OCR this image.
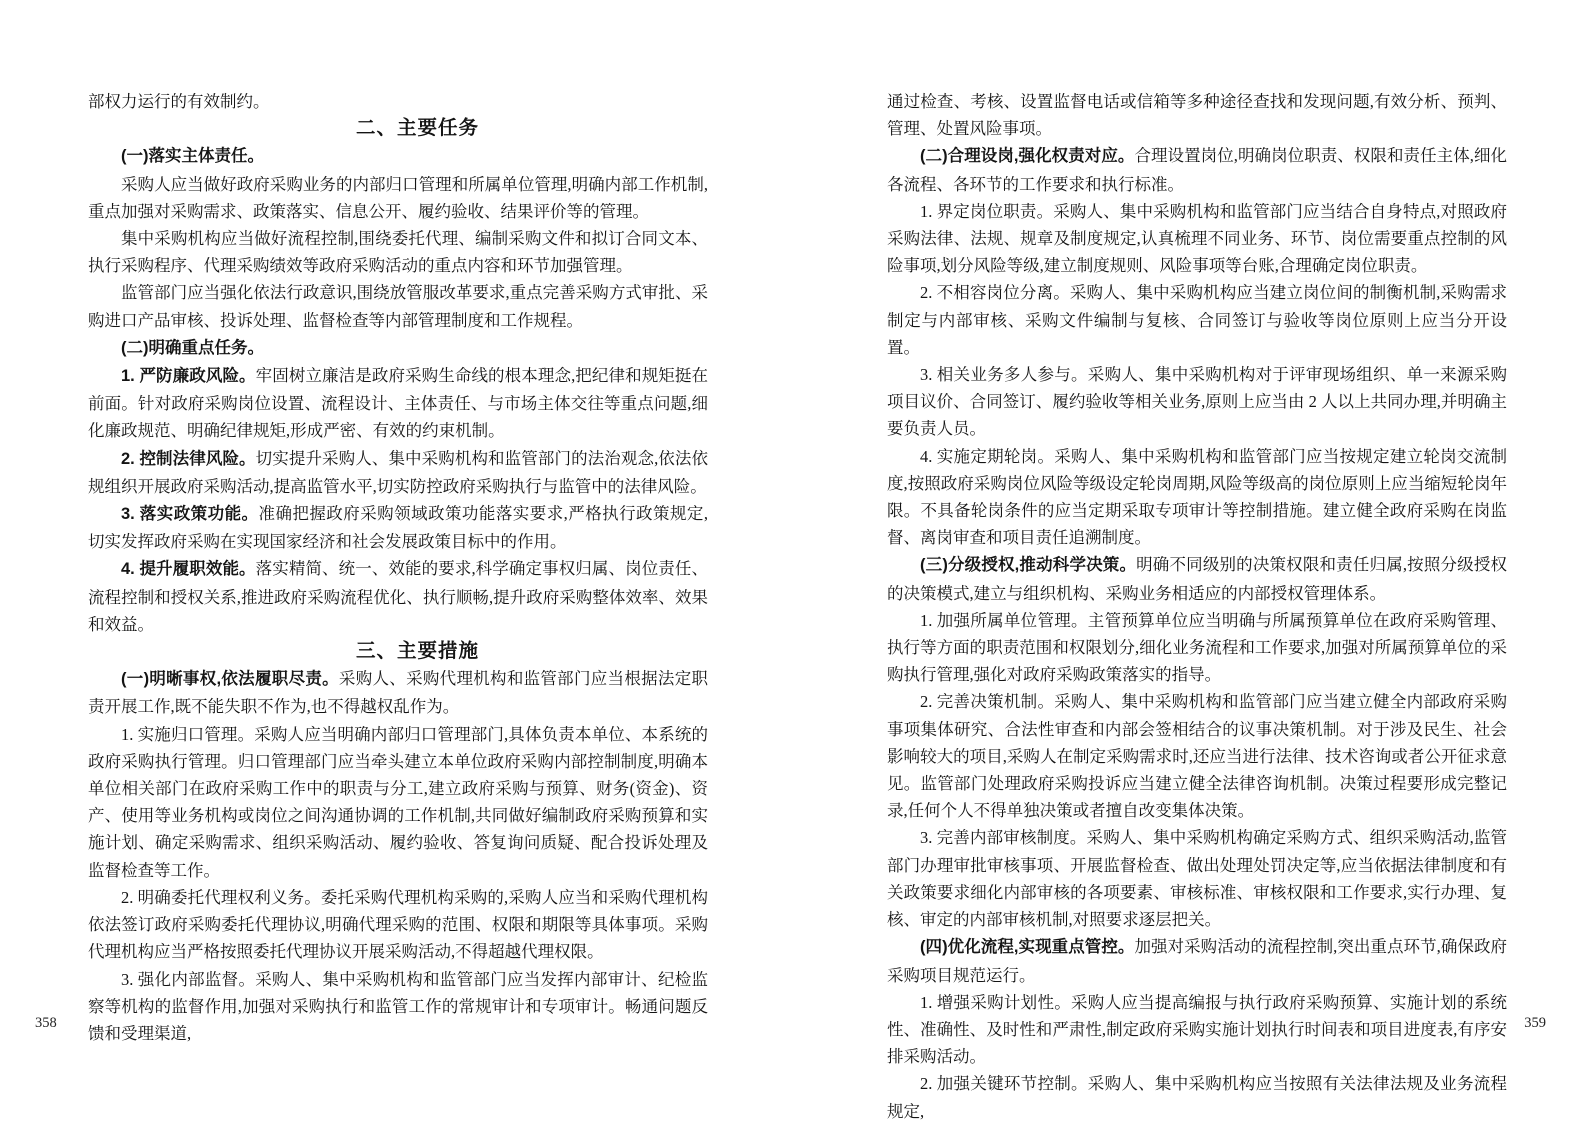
部权力运行的有效制约。

二、主要任务

(一)落实主体责任。

采购人应当做好政府采购业务的内部归口管理和所属单位管理,明确内部工作机制,重点加强对采购需求、政策落实、信息公开、履约验收、结果评价等的管理。

集中采购机构应当做好流程控制,围绕委托代理、编制采购文件和拟订合同文本、执行采购程序、代理采购绩效等政府采购活动的重点内容和环节加强管理。

监管部门应当强化依法行政意识,围绕放管服改革要求,重点完善采购方式审批、采购进口产品审核、投诉处理、监督检查等内部管理制度和工作规程。

(二)明确重点任务。

1. 严防廉政风险。牢固树立廉洁是政府采购生命线的根本理念,把纪律和规矩挺在前面。针对政府采购岗位设置、流程设计、主体责任、与市场主体交往等重点问题,细化廉政规范、明确纪律规矩,形成严密、有效的约束机制。

2. 控制法律风险。切实提升采购人、集中采购机构和监管部门的法治观念,依法依规组织开展政府采购活动,提高监管水平,切实防控政府采购执行与监管中的法律风险。

3. 落实政策功能。准确把握政府采购领域政策功能落实要求,严格执行政策规定,切实发挥政府采购在实现国家经济和社会发展政策目标中的作用。

4. 提升履职效能。落实精简、统一、效能的要求,科学确定事权归属、岗位责任、流程控制和授权关系,推进政府采购流程优化、执行顺畅,提升政府采购整体效率、效果和效益。

三、主要措施

(一)明晰事权,依法履职尽责。采购人、采购代理机构和监管部门应当根据法定职责开展工作,既不能失职不作为,也不得越权乱作为。

1. 实施归口管理。采购人应当明确内部归口管理部门,具体负责本单位、本系统的政府采购执行管理。归口管理部门应当牵头建立本单位政府采购内部控制制度,明确本单位相关部门在政府采购工作中的职责与分工,建立政府采购与预算、财务(资金)、资产、使用等业务机构或岗位之间沟通协调的工作机制,共同做好编制政府采购预算和实施计划、确定采购需求、组织采购活动、履约验收、答复询问质疑、配合投诉处理及监督检查等工作。

2. 明确委托代理权利义务。委托采购代理机构采购的,采购人应当和采购代理机构依法签订政府采购委托代理协议,明确代理采购的范围、权限和期限等具体事项。采购代理机构应当严格按照委托代理协议开展采购活动,不得超越代理权限。

3. 强化内部监督。采购人、集中采购机构和监管部门应当发挥内部审计、纪检监察等机构的监督作用,加强对采购执行和监管工作的常规审计和专项审计。畅通问题反馈和受理渠道,

通过检查、考核、设置监督电话或信箱等多种途径查找和发现问题,有效分析、预判、管理、处置风险事项。

(二)合理设岗,强化权责对应。合理设置岗位,明确岗位职责、权限和责任主体,细化各流程、各环节的工作要求和执行标准。

1. 界定岗位职责。采购人、集中采购机构和监管部门应当结合自身特点,对照政府采购法律、法规、规章及制度规定,认真梳理不同业务、环节、岗位需要重点控制的风险事项,划分风险等级,建立制度规则、风险事项等台账,合理确定岗位职责。

2. 不相容岗位分离。采购人、集中采购机构应当建立岗位间的制衡机制,采购需求制定与内部审核、采购文件编制与复核、合同签订与验收等岗位原则上应当分开设置。

3. 相关业务多人参与。采购人、集中采购机构对于评审现场组织、单一来源采购项目议价、合同签订、履约验收等相关业务,原则上应当由 2 人以上共同办理,并明确主要负责人员。

4. 实施定期轮岗。采购人、集中采购机构和监管部门应当按规定建立轮岗交流制度,按照政府采购岗位风险等级设定轮岗周期,风险等级高的岗位原则上应当缩短轮岗年限。不具备轮岗条件的应当定期采取专项审计等控制措施。建立健全政府采购在岗监督、离岗审查和项目责任追溯制度。

(三)分级授权,推动科学决策。明确不同级别的决策权限和责任归属,按照分级授权的决策模式,建立与组织机构、采购业务相适应的内部授权管理体系。

1. 加强所属单位管理。主管预算单位应当明确与所属预算单位在政府采购管理、执行等方面的职责范围和权限划分,细化业务流程和工作要求,加强对所属预算单位的采购执行管理,强化对政府采购政策落实的指导。

2. 完善决策机制。采购人、集中采购机构和监管部门应当建立健全内部政府采购事项集体研究、合法性审查和内部会签相结合的议事决策机制。对于涉及民生、社会影响较大的项目,采购人在制定采购需求时,还应当进行法律、技术咨询或者公开征求意见。监管部门处理政府采购投诉应当建立健全法律咨询机制。决策过程要形成完整记录,任何个人不得单独决策或者擅自改变集体决策。

3. 完善内部审核制度。采购人、集中采购机构确定采购方式、组织采购活动,监管部门办理审批审核事项、开展监督检查、做出处理处罚决定等,应当依据法律制度和有关政策要求细化内部审核的各项要素、审核标准、审核权限和工作要求,实行办理、复核、审定的内部审核机制,对照要求逐层把关。

(四)优化流程,实现重点管控。加强对采购活动的流程控制,突出重点环节,确保政府采购项目规范运行。

1. 增强采购计划性。采购人应当提高编报与执行政府采购预算、实施计划的系统性、准确性、及时性和严肃性,制定政府采购实施计划执行时间表和项目进度表,有序安排采购活动。

2. 加强关键环节控制。采购人、集中采购机构应当按照有关法律法规及业务流程规定,

358	359
